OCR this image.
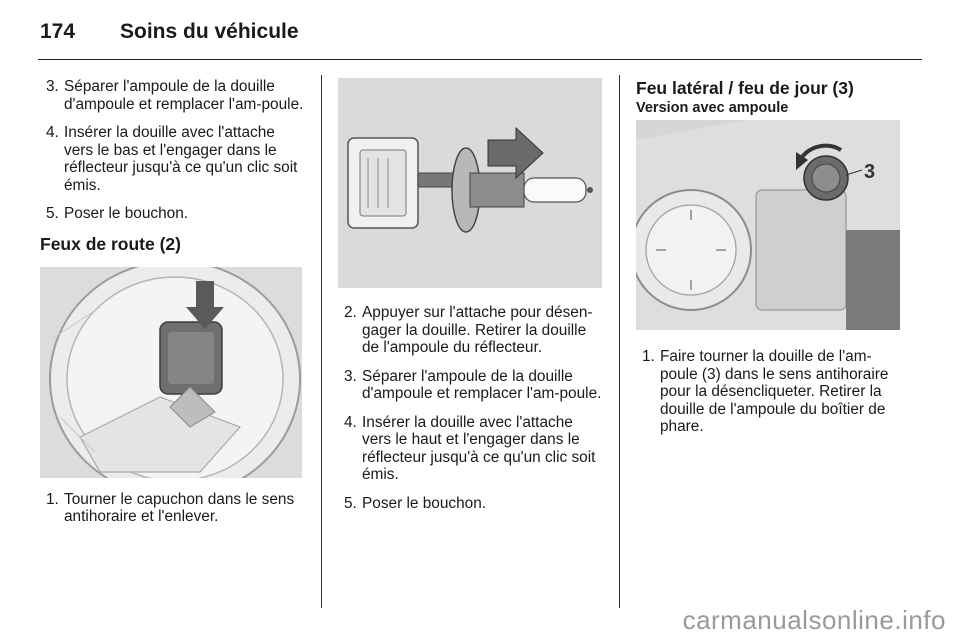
174 Soins du véhicule
3. Séparer l'ampoule de la douille d'ampoule et remplacer l'am-poule.
4. Insérer la douille avec l'attache vers le bas et l'engager dans le réflecteur jusqu'à ce qu'un clic soit émis.
5. Poser le bouchon.
Feux de route (2)
1. Tourner le capuchon dans le sens antihoraire et l'enlever.
2. Appuyer sur l'attache pour désen-gager la douille. Retirer la douille de l'ampoule du réflecteur.
3. Séparer l'ampoule de la douille d'ampoule et remplacer l'am-poule.
4. Insérer la douille avec l'attache vers le haut et l'engager dans le réflecteur jusqu'à ce qu'un clic soit émis.
5. Poser le bouchon.
Feu latéral / feu de jour (3)
Version avec ampoule
3
1. Faire tourner la douille de l'am-poule (3) dans le sens antihoraire pour la désencliqueter. Retirer la douille de l'ampoule du boîtier de phare.
carmanualsonline.info
